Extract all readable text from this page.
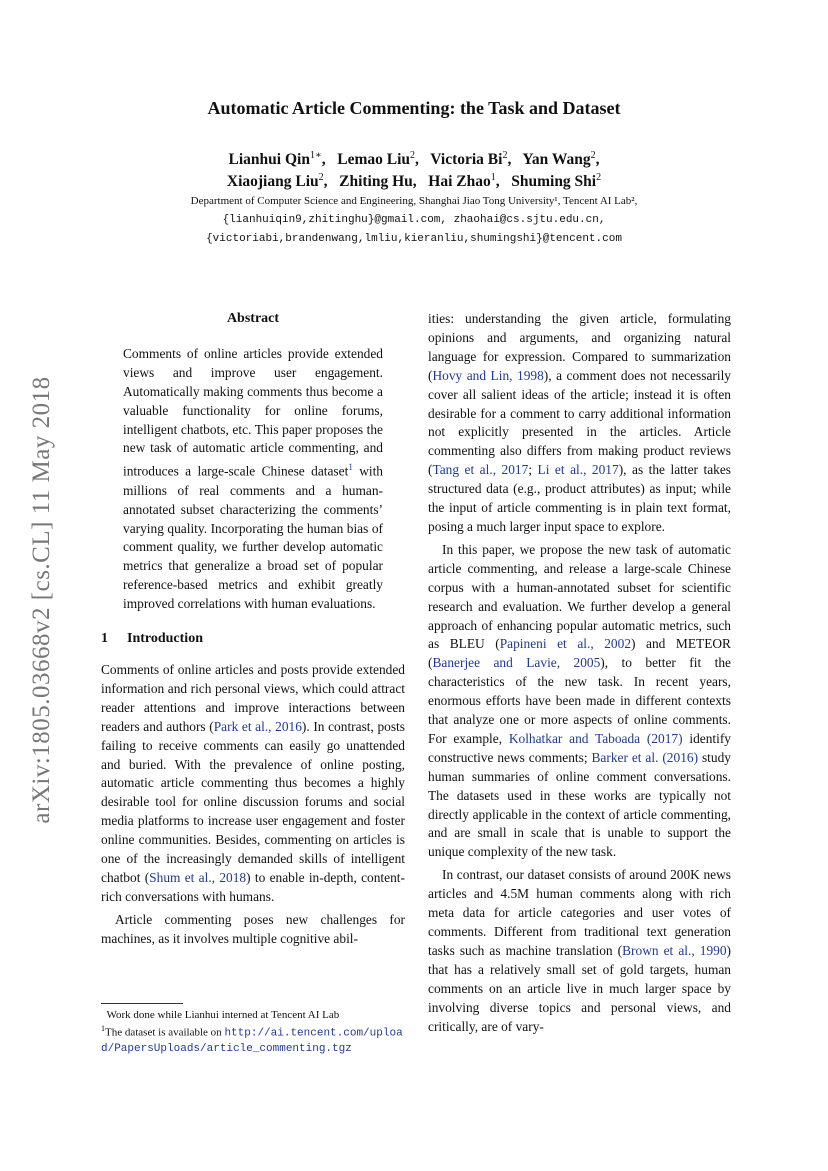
arXiv:1805.03668v2 [cs.CL] 11 May 2018
Automatic Article Commenting: the Task and Dataset
Lianhui Qin$^{1∗}$,   Lemao Liu$^2$,   Victoria Bi$^2$,   Yan Wang$^2$,
Xiaojiang Liu$^2$,   Zhiting Hu,   Hai Zhao$^1$,   Shuming Shi$^2$
Department of Computer Science and Engineering, Shanghai Jiao Tong University¹, Tencent AI Lab²,
{lianhuiqin9,zhitinghu}@gmail.com, zhaohai@cs.sjtu.edu.cn,
{victoriabi,brandenwang,lmliu,kieranliu,shumingshi}@tencent.com
Abstract

Comments of online articles provide extended views and improve user engagement. Automatically making comments thus become a valuable functionality for online forums, intelligent chatbots, etc. This paper proposes the new task of automatic article commenting, and introduces a large-scale Chinese dataset$^1$ with millions of real comments and a human-annotated subset characterizing the comments’ varying quality. Incorporating the human bias of comment quality, we further develop automatic metrics that generalize a broad set of popular reference-based metrics and exhibit greatly improved correlations with human evaluations.

1 Introduction

Comments of online articles and posts provide extended information and rich personal views, which could attract reader attentions and improve interactions between readers and authors (Park et al., 2016). In contrast, posts failing to receive comments can easily go unattended and buried. With the prevalence of online posting, automatic article commenting thus becomes a highly desirable tool for online discussion forums and social media platforms to increase user engagement and foster online communities. Besides, commenting on articles is one of the increasingly demanded skills of intelligent chatbot (Shum et al., 2018) to enable in-depth, content-rich conversations with humans.

Article commenting poses new challenges for machines, as it involves multiple cognitive abil-

ities: understanding the given article, formulating opinions and arguments, and organizing natural language for expression. Compared to summarization (Hovy and Lin, 1998), a comment does not necessarily cover all salient ideas of the article; instead it is often desirable for a comment to carry additional information not explicitly presented in the articles. Article commenting also differs from making product reviews (Tang et al., 2017; Li et al., 2017), as the latter takes structured data (e.g., product attributes) as input; while the input of article commenting is in plain text format, posing a much larger input space to explore.

In this paper, we propose the new task of automatic article commenting, and release a large-scale Chinese corpus with a human-annotated subset for scientific research and evaluation. We further develop a general approach of enhancing popular automatic metrics, such as BLEU (Papineni et al., 2002) and METEOR (Banerjee and Lavie, 2005), to better fit the characteristics of the new task. In recent years, enormous efforts have been made in different contexts that analyze one or more aspects of online comments. For example, Kolhatkar and Taboada (2017) identify constructive news comments; Barker et al. (2016) study human summaries of online comment conversations. The datasets used in these works are typically not directly applicable in the context of article commenting, and are small in scale that is unable to support the unique complexity of the new task.

In contrast, our dataset consists of around 200K news articles and 4.5M human comments along with rich meta data for article categories and user votes of comments. Different from traditional text generation tasks such as machine translation (Brown et al., 1990) that has a relatively small set of gold targets, human comments on an article live in much larger space by involving diverse topics and personal views, and critically, are of vary-

Work done while Lianhui interned at Tencent AI Lab
$^1$The dataset is available on http://ai.tencent.com/upload/PapersUploads/article_commenting.tgz
